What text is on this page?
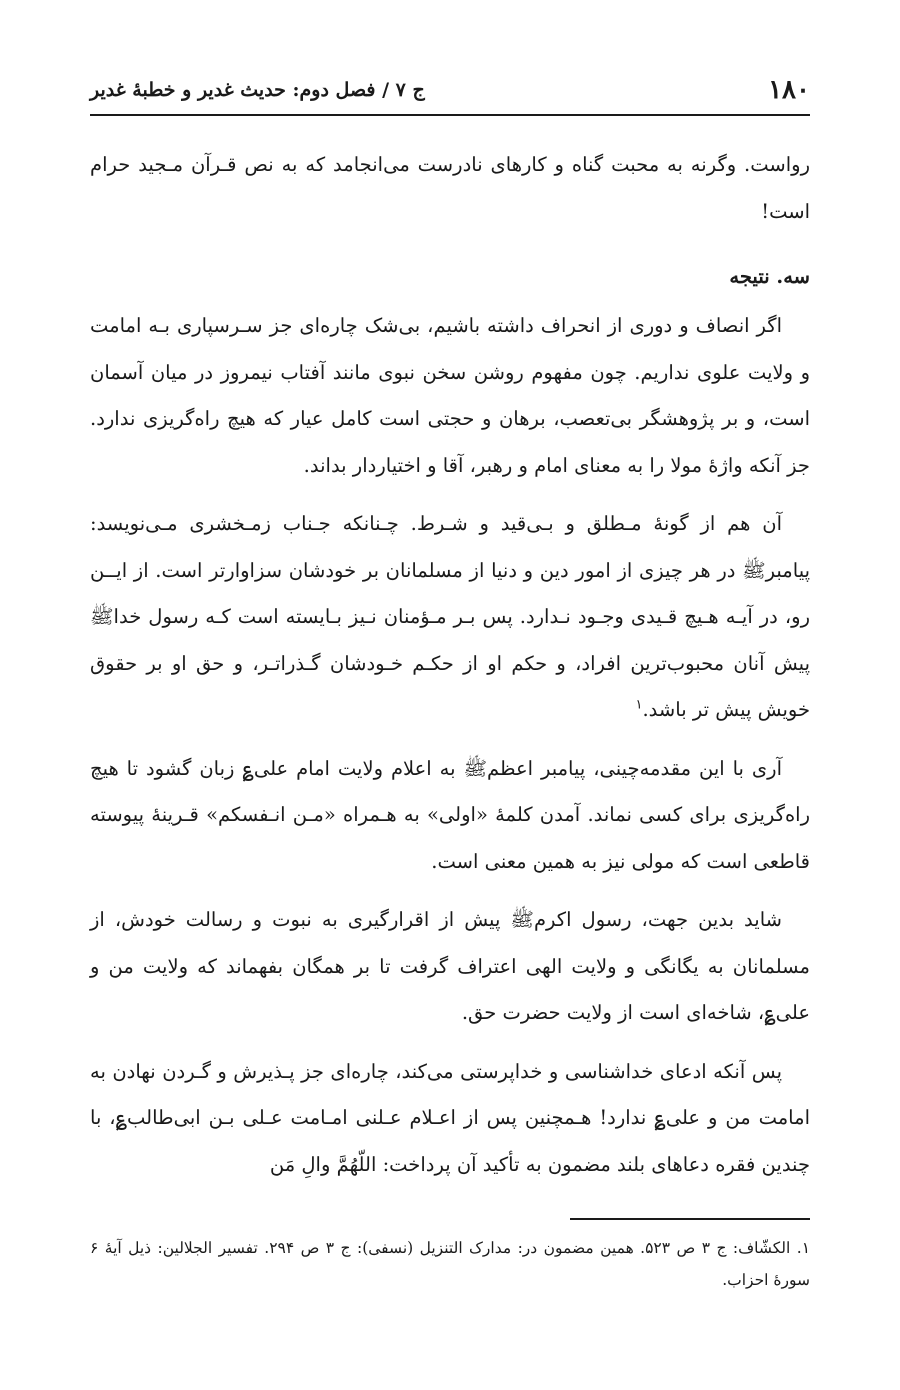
۱۸۰
ج ۷ / فصل دوم: حدیث غدیر و خطبهٔ غدیر

رواست. وگرنه به محبت گناه و کارهای نادرست می‌انجامد که به نص قـرآن مـجید حرام است!

سه. نتیجه

اگر انصاف و دوری از انحراف داشته باشیم، بی‌شک چاره‌ای جز سـرسپاری بـه امامت و ولایت علوی نداریم. چون مفهوم روشن سخن نبوی مانند آفتاب نیمروز در میان آسمان است، و بر پژوهشگر بی‌تعصب، برهان و حجتی است کامل عیار که هیچ راه‌گریزی ندارد. جز آنکه واژهٔ مولا را به معنای امام و رهبر، آقا و اختیاردار بداند.

آن هم از گونهٔ مـطلق و بـی‌قید و شـرط. چـنانکه جـناب زمـخشری مـی‌نویسد: پیامبر‌ﷺ در هر چیزی از امور دین و دنیا از مسلمانان بر خودشان سزاوارتر است. از ایــن رو، در آیـه هـیچ قـیدی وجـود نـدارد. پس بـر مـؤمنان نـیز بـایسته است کـه رسول خدا‌ﷺ پیش آنان محبوب‌ترین افراد، و حکم او از حکـم خـودشان گـذراتـر، و حق او بر حقوق خویش پیش تر باشد.$^۱$

آری با این مقدمه‌چینی، پیامبر اعظم‌ﷺ به اعلام ولایت امام علی‌؏ زبان گشود تا هیچ راه‌گریزی برای کسی نماند. آمدن کلمهٔ «اولی» به هـمراه «مـن انـفسکم» قـرینهٔ پیوسته قاطعی است که مولی نیز به همین معنی است.

شاید بدین جهت، رسول اکرم‌ﷺ پیش از اقرارگیری به نبوت و رسالت خودش، از مسلمانان به یگانگی و ولایت الهی اعتراف گرفت تا بر همگان بفهماند که ولایت من و علی‌؏، شاخه‌ای است از ولایت حضرت حق.

پس آنکه ادعای خداشناسی و خداپرستی می‌کند، چاره‌ای جز پـذیرش و گـردن نهادن به امامت من و علی‌؏ ندارد! هـمچنین پس از اعـلام عـلنی امـامت عـلی بـن ابی‌طالب‌؏، با چندین فقره دعاهای بلند مضمون به تأکید آن پرداخت: اللّهُمَّ والِ مَن

۱. الکشّاف: ج ۳ ص ۵۲۳. همین مضمون در: مدارک التنزیل (نسفی): ج ۳ ص ۲۹۴. تفسیر الجلالین: ذیل آیهٔ ۶ سورهٔ احزاب.
